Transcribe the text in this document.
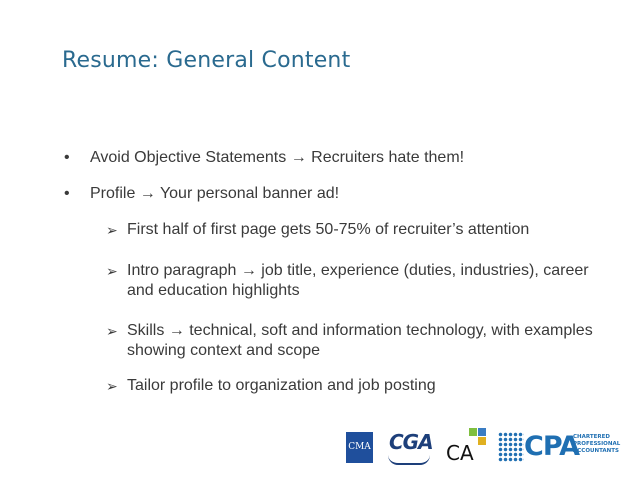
Resume: General Content
• Avoid Objective Statements → Recruiters hate them!
• Profile → Your personal banner ad!
➢ First half of first page gets 50-75% of recruiter’s attention
➢ Intro paragraph → job title, experience (duties, industries), career and education highlights
➢ Skills → technical, soft and information technology, with examples showing context and scope
➢ Tailor profile to organization and job posting
CMA CGA CA CPA
CHARTERED
PROFESSIONAL
ACCOUNTANTS
